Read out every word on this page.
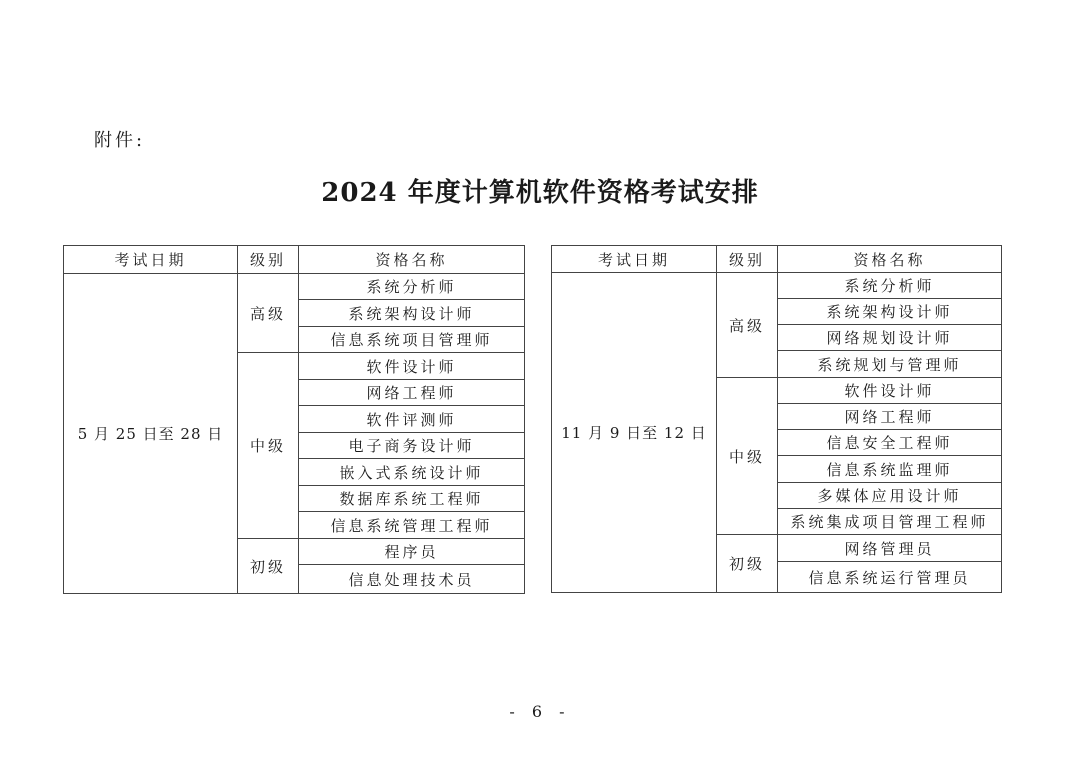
附件:
2024 年度计算机软件资格考试安排
考试日期	级别	资格名称
5 月 25 日至 28 日	高级	系统分析师
		系统架构设计师
		信息系统项目管理师
	中级	软件设计师
		网络工程师
		软件评测师
		电子商务设计师
		嵌入式系统设计师
		数据库系统工程师
		信息系统管理工程师
	初级	程序员
		信息处理技术员
考试日期	级别	资格名称
11 月 9 日至 12 日	高级	系统分析师
		系统架构设计师
		网络规划设计师
		系统规划与管理师
	中级	软件设计师
		网络工程师
		信息安全工程师
		信息系统监理师
		多媒体应用设计师
		系统集成项目管理工程师
	初级	网络管理员
		信息系统运行管理员
- 6 -
